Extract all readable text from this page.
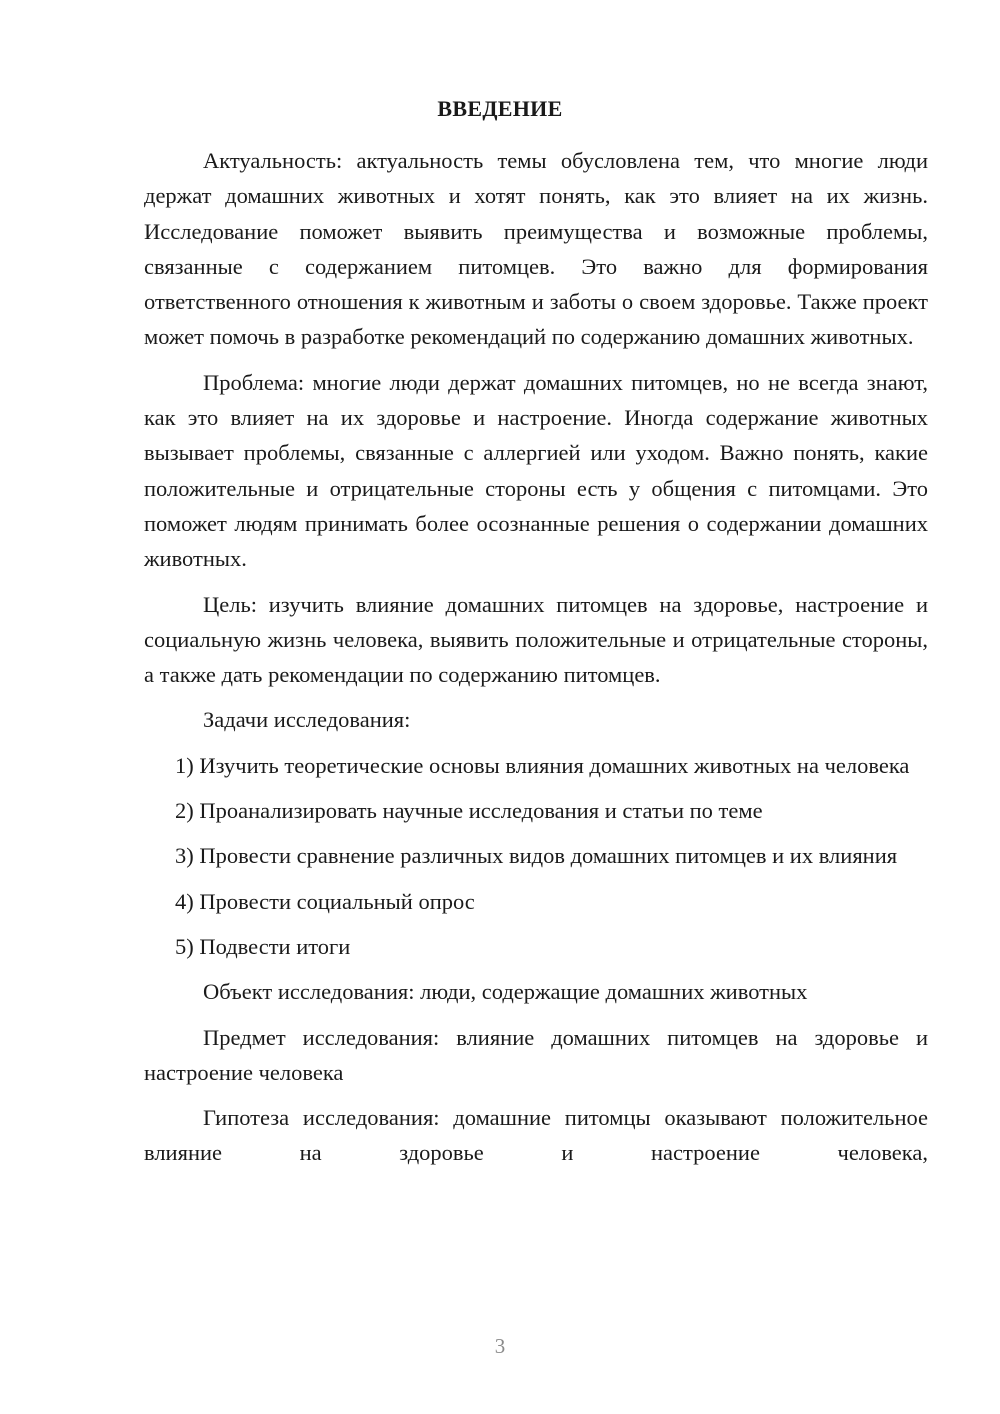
ВВЕДЕНИЕ

Актуальность: актуальность темы обусловлена тем, что многие люди держат домашних животных и хотят понять, как это влияет на их жизнь. Исследование поможет выявить преимущества и возможные проблемы, связанные с содержанием питомцев. Это важно для формирования ответственного отношения к животным и заботы о своем здоровье. Также проект может помочь в разработке рекомендаций по содержанию домашних животных.

Проблема: многие люди держат домашних питомцев, но не всегда знают, как это влияет на их здоровье и настроение. Иногда содержание животных вызывает проблемы, связанные с аллергией или уходом. Важно понять, какие положительные и отрицательные стороны есть у общения с питомцами. Это поможет людям принимать более осознанные решения о содержании домашних животных.

Цель: изучить влияние домашних питомцев на здоровье, настроение и социальную жизнь человека, выявить положительные и отрицательные стороны, а также дать рекомендации по содержанию питомцев.

Задачи исследования:

1) Изучить теоретические основы влияния домашних животных на человека

2) Проанализировать научные исследования и статьи по теме

3) Провести сравнение различных видов домашних питомцев и их влияния

4) Провести социальный опрос

5) Подвести итоги

Объект исследования: люди, содержащие домашних животных

Предмет исследования: влияние домашних питомцев на здоровье и настроение человека

Гипотеза исследования: домашние питомцы оказывают положительное влияние на здоровье и настроение человека,

3
